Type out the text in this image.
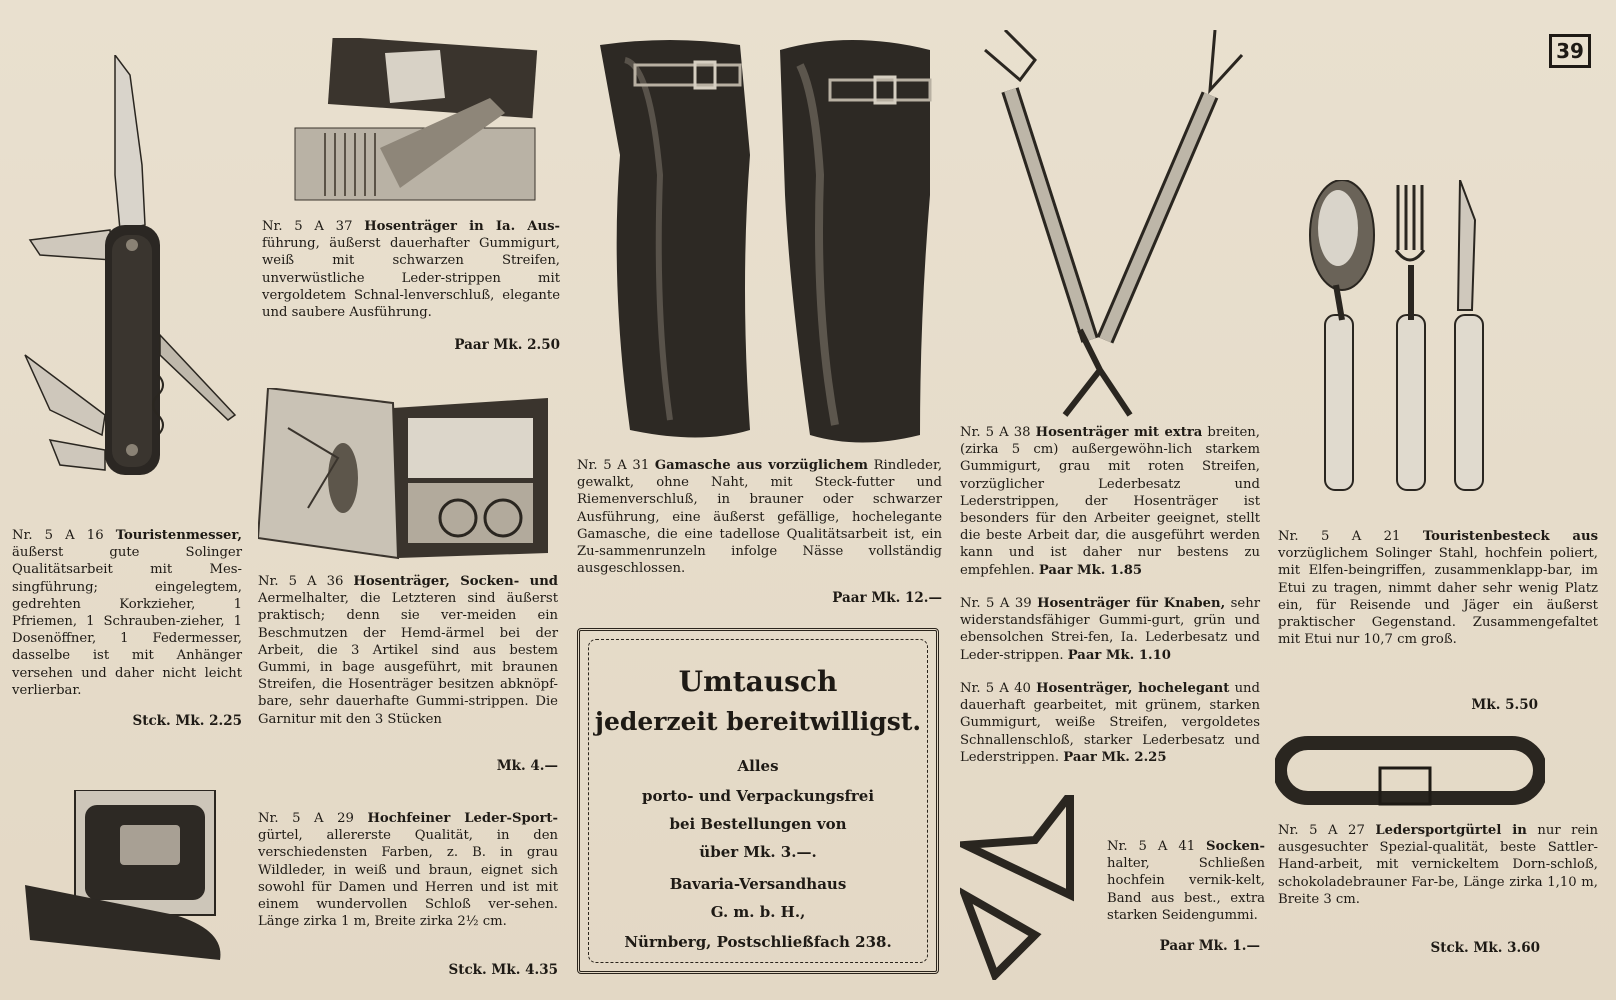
39
Nr. 5 A 37 Hosenträger in Ia. Aus- führung, äußerst dauerhafter Gummigurt, weiß mit schwarzen Streifen, unverwüstliche Leder-strippen mit vergoldetem Schnal-lenverschluß, elegante und saubere Ausführung.
Paar Mk. 2.50
Nr. 5 A 31 Gamasche aus vorzüglichem Rindleder, gewalkt, ohne Naht, mit Steck-futter und Riemenverschluß, in brauner oder schwarzer Ausführung, eine äußerst gefällige, hochelegante Gamasche, die eine tadellose Qualitätsarbeit ist, ein Zu-sammenrunzeln infolge Nässe vollständig ausgeschlossen.
Paar Mk. 12.—
Nr. 5 A 38 Hosenträger mit extra breiten, (zirka 5 cm) außergewöhn-lich starkem Gummigurt, grau mit roten Streifen, vorzüglicher Lederbesatz und Lederstrippen, der Hosenträger ist besonders für den Arbeiter geeignet, stellt die beste Arbeit dar, die ausgeführt werden kann und ist daher nur bestens zu empfehlen. Paar Mk. 1.85
Nr. 5 A 39 Hosenträger für Knaben, sehr widerstandsfähiger Gummi-gurt, grün und ebensolchen Strei-fen, Ia. Lederbesatz und Leder-strippen. Paar Mk. 1.10
Nr. 5 A 40 Hosenträger, hochelegant und dauerhaft gearbeitet, mit grünem, starken Gummigurt, weiße Streifen, vergoldetes Schnallenschloß, starker Lederbesatz und Lederstrippen. Paar Mk. 2.25
Nr. 5 A 16 Touristenmesser, äußerst gute Solinger Qualitätsarbeit mit Mes-singführung; eingelegtem, gedrehten Korkzieher, 1 Pfriemen, 1 Schrauben-zieher, 1 Dosenöffner, 1 Federmesser, dasselbe ist mit Anhänger versehen und daher nicht leicht verlierbar.
Stck. Mk. 2.25
Nr. 5 A 36 Hosenträger, Socken- und Aermelhalter, die Letzteren sind äußerst praktisch; denn sie ver-meiden ein Beschmutzen der Hemd-ärmel bei der Arbeit, die 3 Artikel sind aus bestem Gummi, in bage ausgeführt, mit braunen Streifen, die Hosenträger besitzen abknöpf-bare, sehr dauerhafte Gummi-strippen. Die Garnitur mit den 3 Stücken
Mk. 4.—
Nr. 5 A 21 Touristenbesteck aus vorzüglichem Solinger Stahl, hochfein poliert, mit Elfen-beingriffen, zusammenklapp-bar, im Etui zu tragen, nimmt daher sehr wenig Platz ein, für Reisende und Jäger ein äußerst praktischer Gegenstand. Zusammengefaltet mit Etui nur 10,7 cm groß.
Mk. 5.50
Nr. 5 A 29 Hochfeiner Leder-Sport- gürtel, allererste Qualität, in den verschiedensten Farben, z. B. in grau Wildleder, in weiß und braun, eignet sich sowohl für Damen und Herren und ist mit einem wundervollen Schloß ver-sehen. Länge zirka 1 m, Breite zirka 2½ cm.
Stck. Mk. 4.35
Nr. 5 A 41 Socken- halter, Schließen hochfein vernik-kelt, Band aus best., extra starken Seidengummi.
Paar Mk. 1.—
Nr. 5 A 27 Ledersportgürtel in nur rein ausgesuchter Spezial-qualität, beste Sattler-Hand-arbeit, mit vernickeltem Dorn-schloß, schokoladebrauner Far-be, Länge zirka 1,10 m, Breite 3 cm.
Stck. Mk. 3.60
Umtausch
jederzeit bereitwilligst.
Alles
porto- und Verpackungsfrei
bei Bestellungen von
über Mk. 3.—.
Bavaria-Versandhaus
G. m. b. H.,
Nürnberg, Postschließfach 238.
